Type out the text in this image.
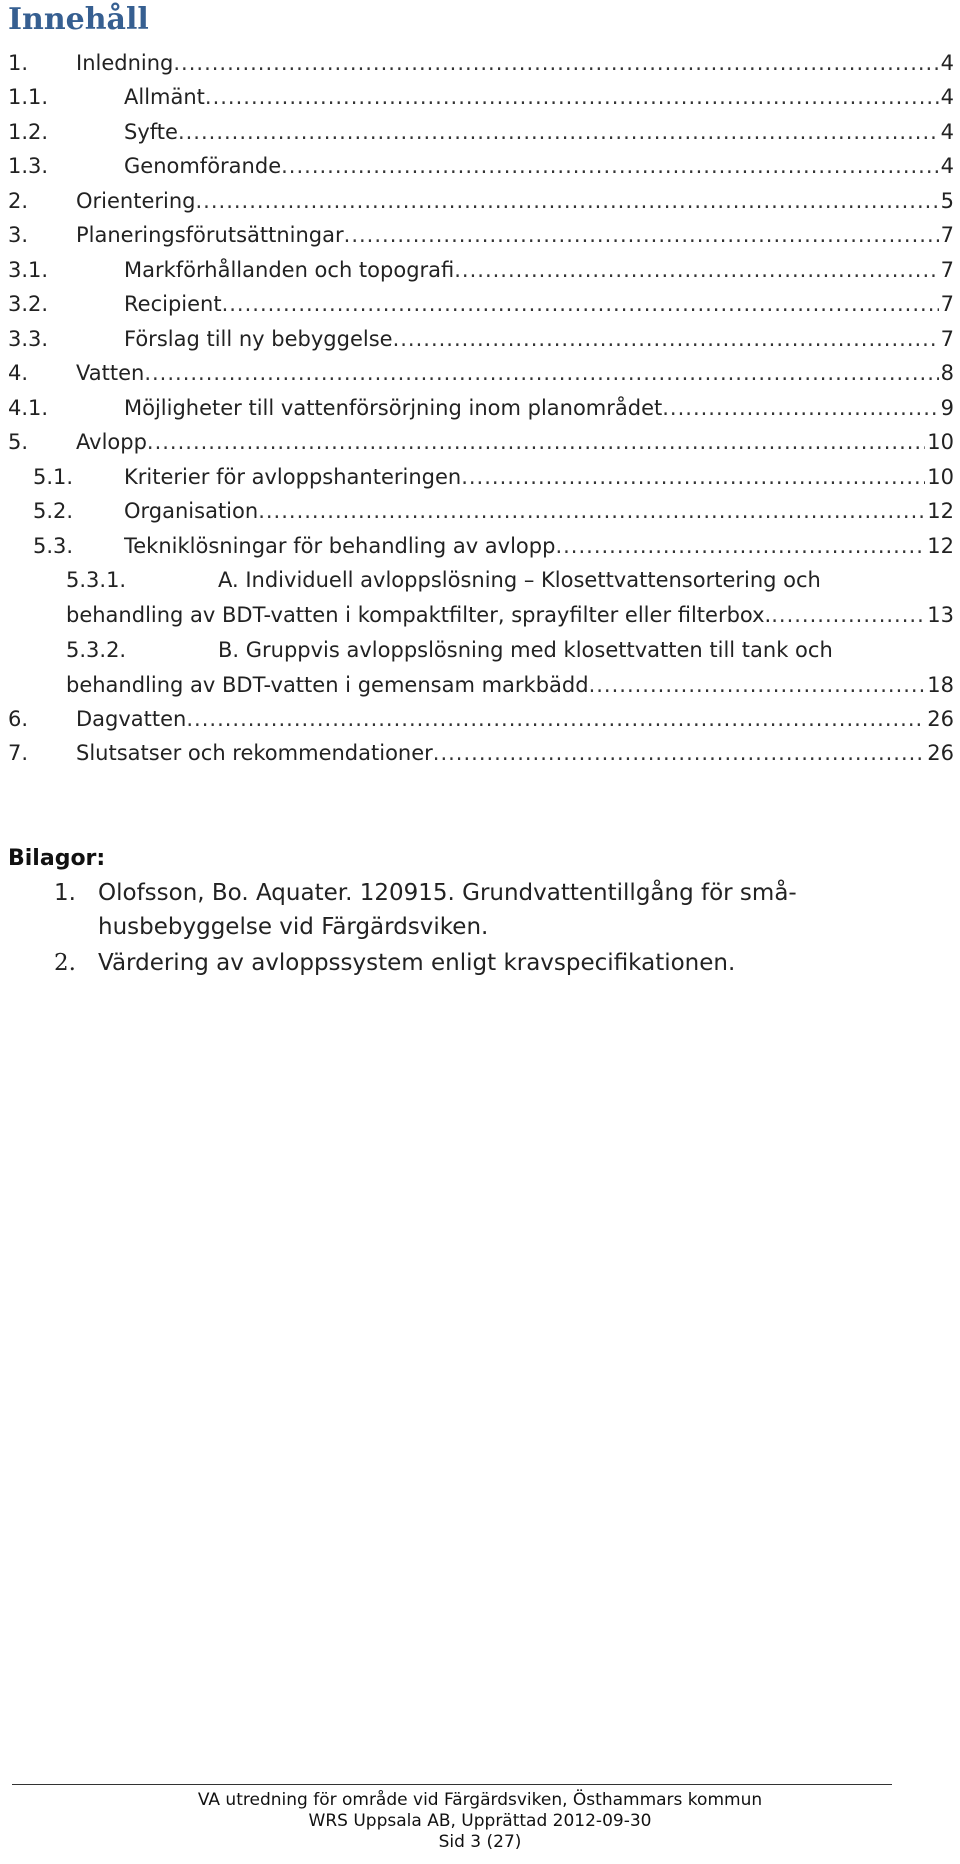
Innehåll
1. Inledning .....	4
1.1.	Allmänt .....	4
1.2.	Syfte .....	4
1.3.	Genomförande .....	4
2. Orientering .....	5
3. Planeringsförutsättningar .....	7
3.1.	Markförhållanden och topografi .....	7
3.2.	Recipient .....	7
3.3.	Förslag till ny bebyggelse .....	7
4. Vatten .....	8
4.1.	Möjligheter till vattenförsörjning inom planområdet .....	9
5. Avlopp .....	10
5.1. Kriterier för avloppshanteringen .....	10
5.2. Organisation .....	12
5.3. Tekniklösningar för behandling av avlopp .....	12
5.3.1.	A. Individuell avloppslösning – Klosettvattensortering och
behandling av BDT-vatten i kompaktfilter, sprayfilter eller filterbox. .....	13
5.3.2.	B. Gruppvis avloppslösning med klosettvatten till tank och
behandling av BDT-vatten i gemensam markbädd .....	18
6. Dagvatten .....	26
7. Slutsatser och rekommendationer .....	26
Bilagor:
1. Olofsson, Bo. Aquater. 120915. Grundvattentillgång för små-
husbebyggelse vid Färgärdsviken.
2. Värdering av avloppssystem enligt kravspecifikationen.
VA utredning för område vid Färgärdsviken, Östhammars kommun
WRS Uppsala AB, Upprättad 2012-09-30
Sid 3 (27)
